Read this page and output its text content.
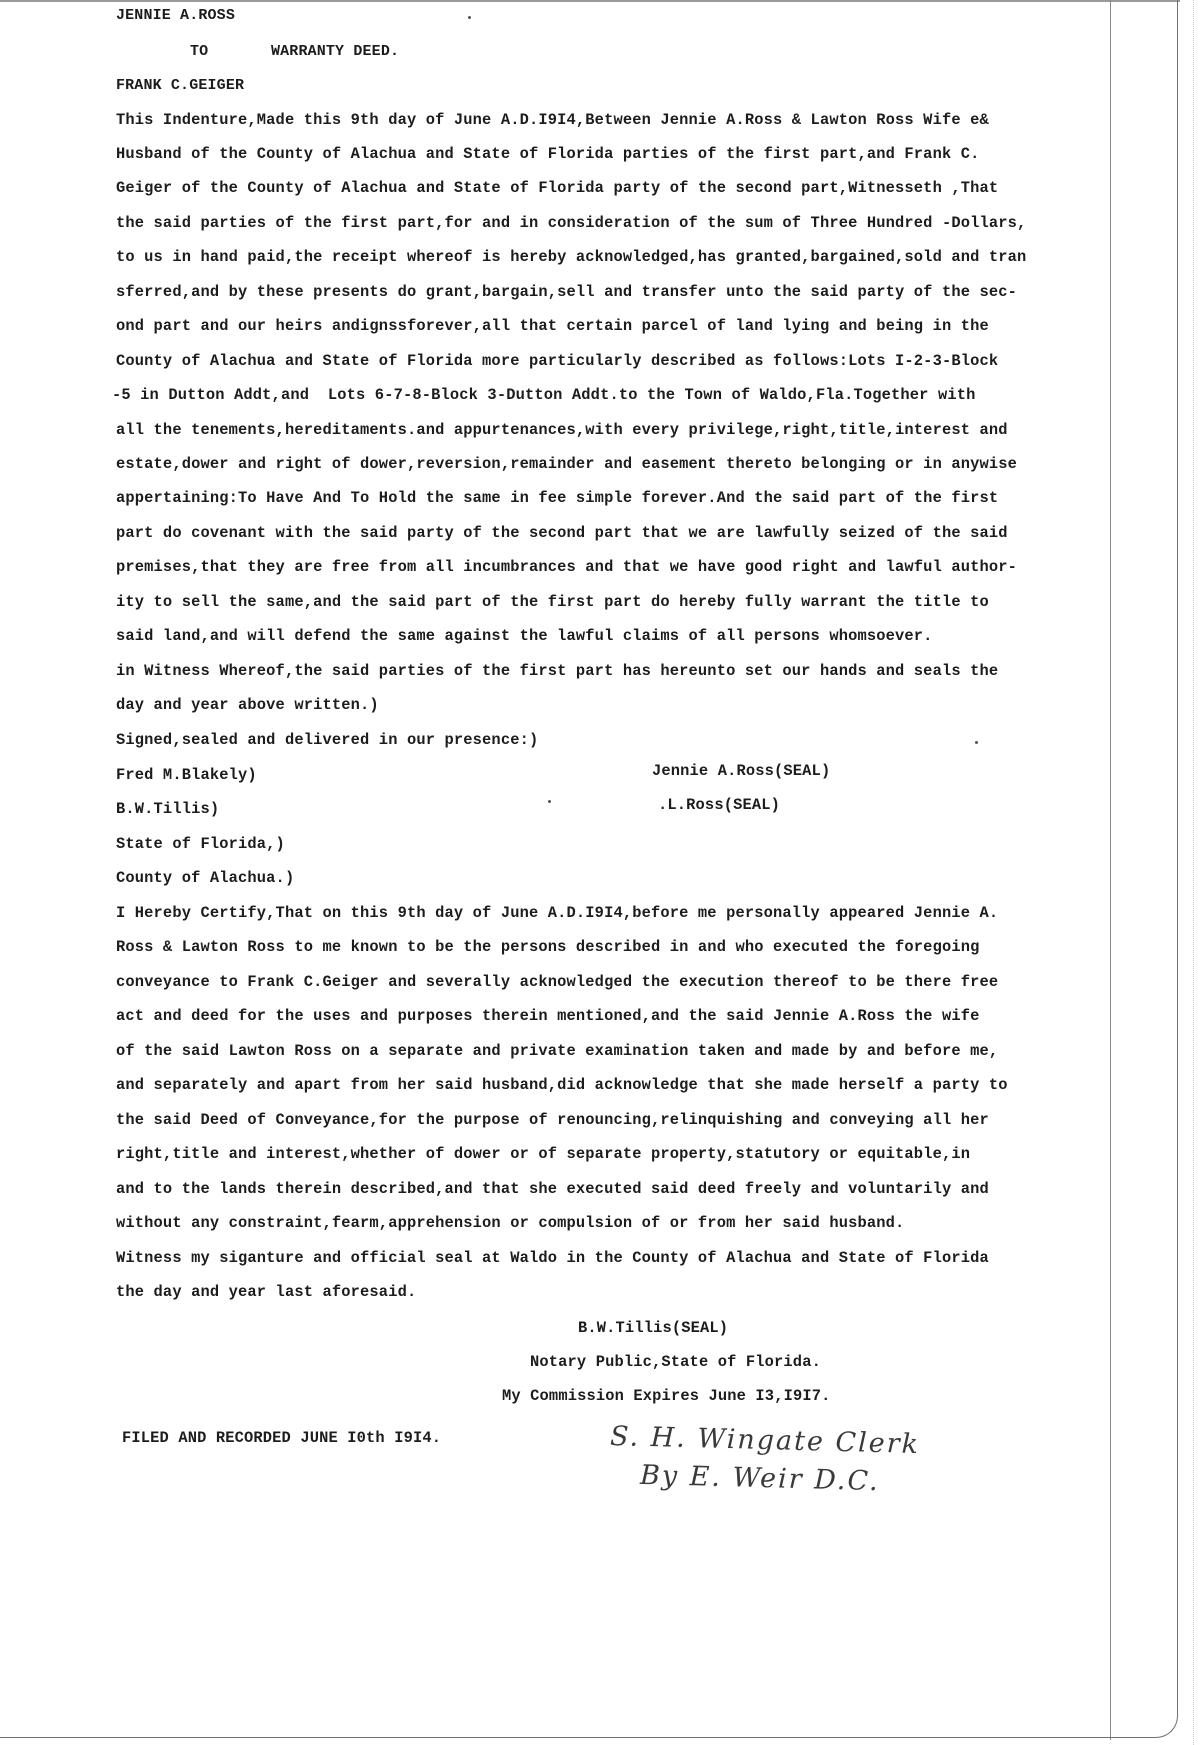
JENNIE A.ROSS
TO	WARRANTY DEED.
FRANK C.GEIGER
This Indenture,Made this 9th day of June A.D.I9I4,Between Jennie A.Ross & Lawton Ross Wife e&
Husband of the County of Alachua and State of Florida parties of the first part,and Frank C.
Geiger of the County of Alachua and State of Florida party of the second part,Witnesseth ,That
the said parties of the first part,for and in consideration of the sum of Three Hundred -Dollars,
to us in hand paid,the receipt whereof is hereby acknowledged,has granted,bargained,sold and tran
sferred,and by these presents do grant,bargain,sell and transfer unto the said party of the sec-
ond part and our heirs andignssforever,all that certain parcel of land lying and being in the
County of Alachua and State of Florida more particularly described as follows:Lots I-2-3-Block
-5 in Dutton Addt,and  Lots 6-7-8-Block 3-Dutton Addt.to the Town of Waldo,Fla.Together with
all the tenements,hereditaments.and appurtenances,with every privilege,right,title,interest and
estate,dower and right of dower,reversion,remainder and easement thereto belonging or in anywise
appertaining:To Have And To Hold the same in fee simple forever.And the said part of the first
part do covenant with the said party of the second part that we are lawfully seized of the said
premises,that they are free from all incumbrances and that we have good right and lawful author-
ity to sell the same,and the said part of the first part do hereby fully warrant the title to
said land,and will defend the same against the lawful claims of all persons whomsoever.
in Witness Whereof,the said parties of the first part has hereunto set our hands and seals the
day and year above written.)
Signed,sealed and delivered in our presence:)
Fred M.Blakely)	Jennie A.Ross(SEAL)
B.W.Tillis)	.L.Ross(SEAL)
State of Florida,)
County of Alachua.)
I Hereby Certify,That on this 9th day of June A.D.I9I4,before me personally appeared Jennie A.
Ross & Lawton Ross to me known to be the persons described in and who executed the foregoing
conveyance to Frank C.Geiger and severally acknowledged the execution thereof to be there free
act and deed for the uses and purposes therein mentioned,and the said Jennie A.Ross the wife
of the said Lawton Ross on a separate and private examination taken and made by and before me,
and separately and apart from her said husband,did acknowledge that she made herself a party to
the said Deed of Conveyance,for the purpose of renouncing,relinquishing and conveying all her
right,title and interest,whether of dower or of separate property,statutory or equitable,in
and to the lands therein described,and that she executed said deed freely and voluntarily and
without any constraint,fearm,apprehension or compulsion of or from her said husband.
Witness my siganture and official seal at Waldo in the County of Alachua and State of Florida
the day and year last aforesaid.
B.W.Tillis(SEAL)
Notary Public,State of Florida.
My Commission Expires June I3,I9I7.
FILED AND RECORDED JUNE I0th I9I4.	S. H. Wingate Clerk
By E. Weir D.C.
